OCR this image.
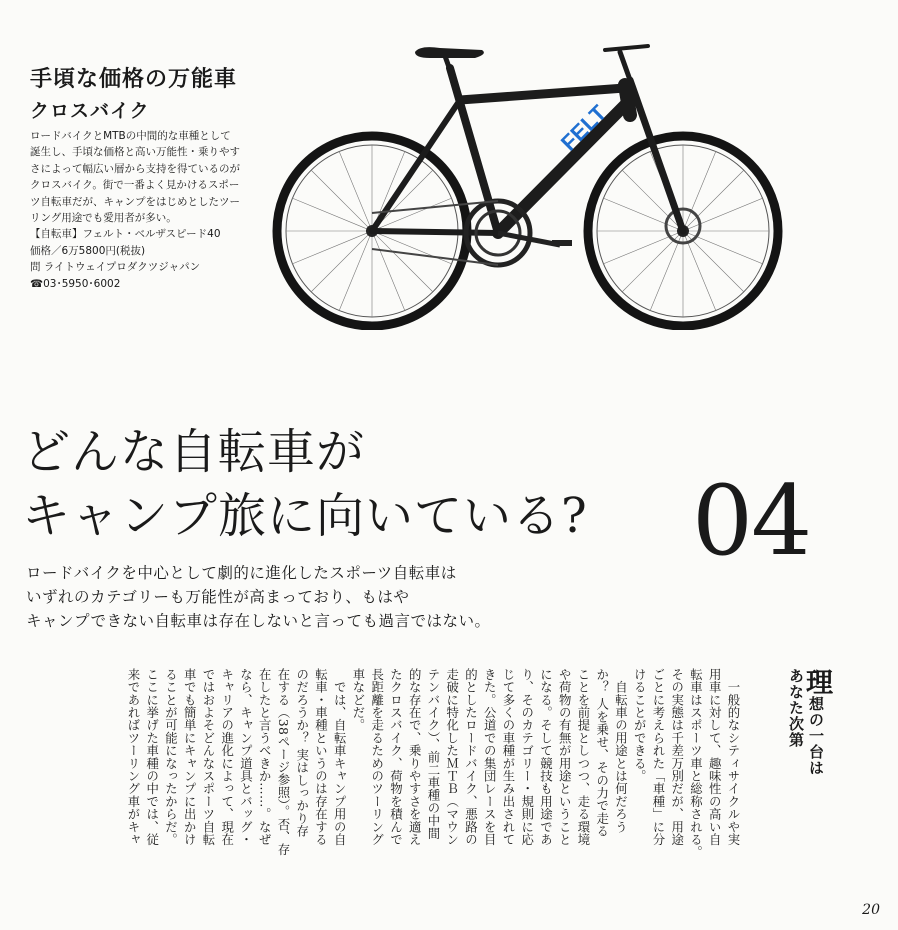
手頃な価格の万能車
クロスバイク
ロードバイクとMTBの中間的な車種として
誕生し、手頃な価格と高い万能性・乗りやす
さによって幅広い層から支持を得ているのが
クロスバイク。街で一番よく見かけるスポー
ツ自転車だが、キャンプをはじめとしたツー
リング用途でも愛用者が多い。
【自転車】フェルト・ベルザスピード40
価格／6万5800円(税抜)
問 ライトウェイプロダクツジャパン
☎03･5950･6002
FELT
どんな自転車が
キャンプ旅に向いている? 04
ロードバイクを中心として劇的に進化したスポーツ自転車は
いずれのカテゴリーも万能性が高まっており、もはや
キャンプできない自転車は存在しないと言っても過言ではない。
理想の一台は
あなた次第
　一般的なシティサイクルや実
用車に対して、趣味性の高い自
転車はスポーツ車と総称される。
その実態は千差万別だが、用途
ごとに考えられた「車種」に分
けることができる。
　自転車の用途とは何だろう
か？ 人を乗せ、その力で走る
ことを前提としつつ、走る環境
や荷物の有無が用途ということ
になる。そして競技も用途であ
り、そのカテゴリー・規則に応
じて多くの車種が生み出されて
きた。公道での集団レースを目
的としたロードバイク、悪路の
走破に特化したＭＴＢ（マウン
テンバイク）、前二車種の中間
的な存在で、乗りやすさを適え
たクロスバイク、荷物を積んで
長距離を走るためのツーリング
車などだ。
　では、自転車キャンプ用の自
転車・車種というのは存在する
のだろうか？ 実はしっかり存
在する（38ページ参照）。否、存
在したと言うべきか……。なぜ
なら、キャンプ道具とバッグ・
キャリアの進化によって、現在
ではおよそどんなスポーツ自転
車でも簡単にキャンプに出かけ
ることが可能になったからだ。
ここに挙げた車種の中では、従
来であればツーリング車がキャ
20
